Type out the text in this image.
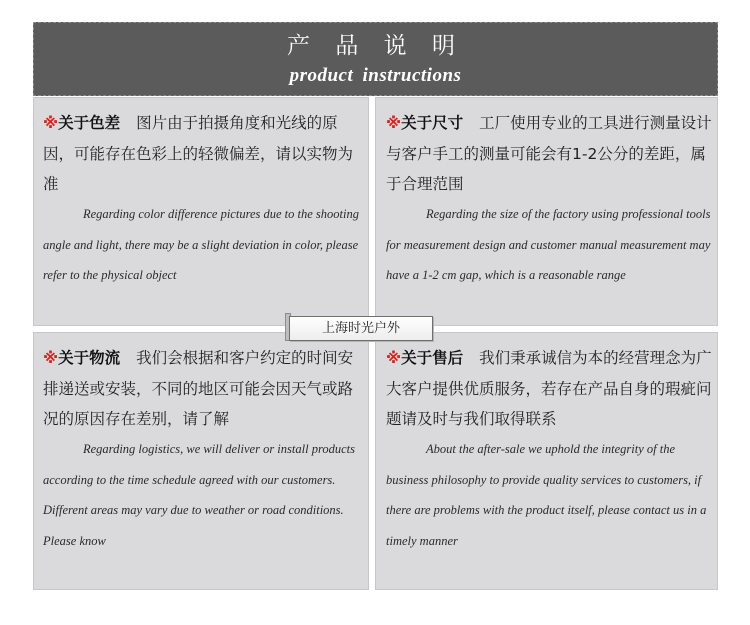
产 品 说 明
product instructions
※关于色差 图片由于拍摄角度和光线的原因，可能存在色彩上的轻微偏差，请以实物为准
Regarding color difference pictures due to the shooting angle and light, there may be a slight deviation in color, please refer to the physical object
※关于尺寸 工厂使用专业的工具进行测量设计与客户手工的测量可能会有1-2公分的差距，属于合理范围
Regarding the size of the factory using professional tools for measurement design and customer manual measurement may have a 1-2 cm gap, which is a reasonable range
※关于物流 我们会根据和客户约定的时间安排递送或安装，不同的地区可能会因天气或路况的原因存在差别，请了解
Regarding logistics, we will deliver or install products according to the time schedule agreed with our customers. Different areas may vary due to weather or road conditions. Please know
※关于售后 我们秉承诚信为本的经营理念为广大客户提供优质服务，若存在产品自身的瑕疵问题请及时与我们取得联系
About the after-sale we uphold the integrity of the business philosophy to provide quality services to customers, if there are problems with the product itself, please contact us in a timely manner
上海时光户外
